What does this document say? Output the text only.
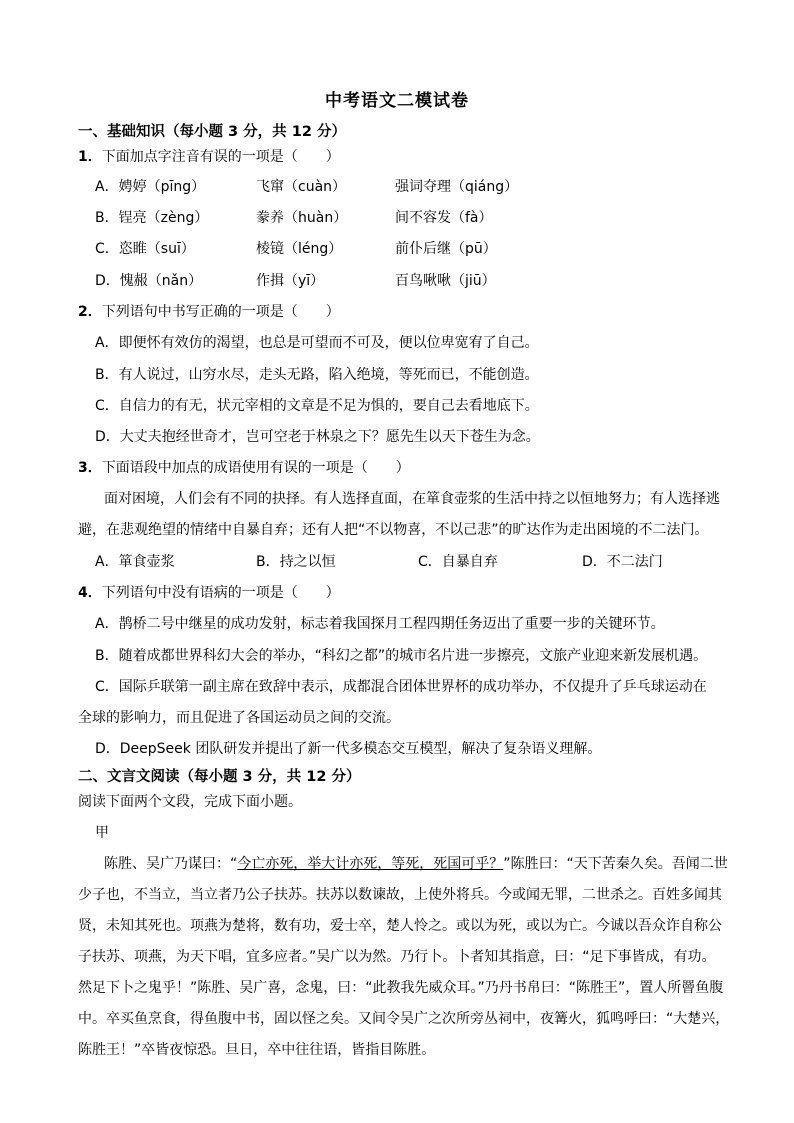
中考语文二模试卷
一、基础知识（每小题 3 分，共 12 分）
1．下面加点字注音有误的一项是（　　）
A．娉婷（pīng）	飞窜（cuàn）	强词夺理（qiáng）
B．锃亮（zèng）	豢养（huàn）	间不容发（fà）
C．恣睢（suī）	棱镜（léng）	前仆后继（pū）
D．愧赧（nǎn）	作揖（yī）	百鸟啾啾（jiū）
2．下列语句中书写正确的一项是（　　）
A．即便怀有效仿的渴望，也总是可望而不可及，便以位卑宽宥了自己。
B．有人说过，山穷水尽，走头无路，陷入绝境，等死而已，不能创造。
C．自信力的有无，状元宰相的文章是不足为惧的，要自己去看地底下。
D．大丈夫抱经世奇才，岂可空老于林泉之下？愿先生以天下苍生为念。
3．下面语段中加点的成语使用有误的一项是（　　）
面对困境，人们会有不同的抉择。有人选择直面，在箪食壶浆的生活中持之以恒地努力；有人选择逃
避，在悲观绝望的情绪中自暴自弃；还有人把“不以物喜，不以己悲”的旷达作为走出困境的不二法门。
A．箪食壶浆	B．持之以恒	C．自暴自弃	D．不二法门
4．下列语句中没有语病的一项是（　　）
A．鹊桥二号中继星的成功发射，标志着我国探月工程四期任务迈出了重要一步的关键环节。
B．随着成都世界科幻大会的举办，“科幻之都”的城市名片进一步擦亮，文旅产业迎来新发展机遇。
C．国际乒联第一副主席在致辞中表示，成都混合团体世界杯的成功举办，不仅提升了乒乓球运动在
全球的影响力，而且促进了各国运动员之间的交流。
D．DeepSeek 团队研发并提出了新一代多模态交互模型，解决了复杂语义理解。
二、文言文阅读（每小题 3 分，共 12 分）
阅读下面两个文段，完成下面小题。
甲
陈胜、吴广乃谋曰：“今亡亦死，举大计亦死，等死，死国可乎？”陈胜曰：“天下苦秦久矣。吾闻二世
少子也，不当立，当立者乃公子扶苏。扶苏以数谏故，上使外将兵。今或闻无罪，二世杀之。百姓多闻其
贤，未知其死也。项燕为楚将，数有功，爱士卒，楚人怜之。或以为死，或以为亡。今诚以吾众诈自称公
子扶苏、项燕，为天下唱，宜多应者。”吴广以为然。乃行卜。卜者知其指意，曰：“足下事皆成，有功。
然足下卜之鬼乎！”陈胜、吴广喜，念鬼，曰：“此教我先威众耳。”乃丹书帛曰：“陈胜王”，置人所罾鱼腹
中。卒买鱼烹食，得鱼腹中书，固以怪之矣。又间令吴广之次所旁丛祠中，夜篝火，狐鸣呼曰：“大楚兴，
陈胜王！”卒皆夜惊恐。旦日，卒中往往语，皆指目陈胜。
